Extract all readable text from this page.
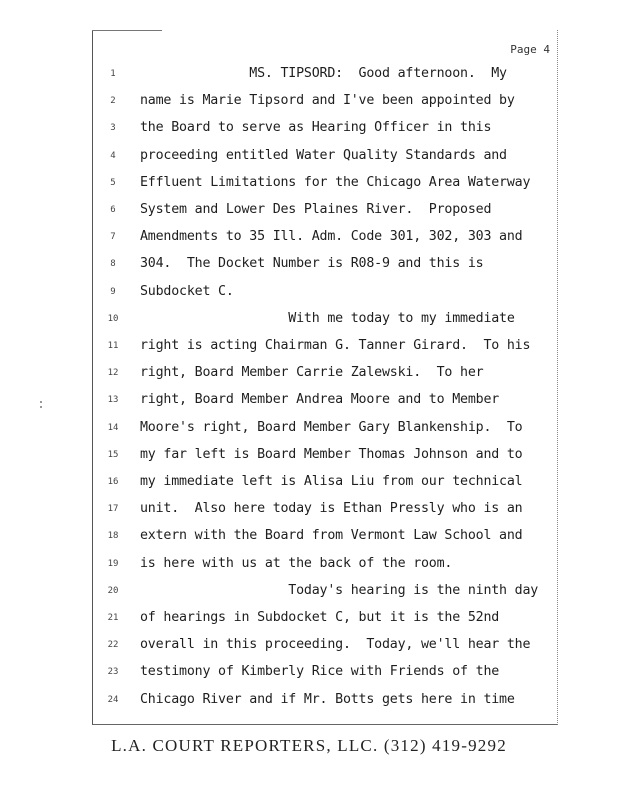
Page 4
1	MS. TIPSORD:  Good afternoon.  My
2	name is Marie Tipsord and I've been appointed by
3	the Board to serve as Hearing Officer in this
4	proceeding entitled Water Quality Standards and
5	Effluent Limitations for the Chicago Area Waterway
6	System and Lower Des Plaines River.  Proposed
7	Amendments to 35 Ill. Adm. Code 301, 302, 303 and
8	304.  The Docket Number is R08-9 and this is
9	Subdocket C.
10 With me today to my immediate
11 right is acting Chairman G. Tanner Girard.  To his
12 right, Board Member Carrie Zalewski.  To her
13 right, Board Member Andrea Moore and to Member
14 Moore's right, Board Member Gary Blankenship.  To
15 my far left is Board Member Thomas Johnson and to
16 my immediate left is Alisa Liu from our technical
17 unit.  Also here today is Ethan Pressly who is an
18 extern with the Board from Vermont Law School and
19 is here with us at the back of the room.
20 Today's hearing is the ninth day
21 of hearings in Subdocket C, but it is the 52nd
22 overall in this proceeding.  Today, we'll hear the
23 testimony of Kimberly Rice with Friends of the
24 Chicago River and if Mr. Botts gets here in time
L.A. COURT REPORTERS, LLC. (312) 419-9292
